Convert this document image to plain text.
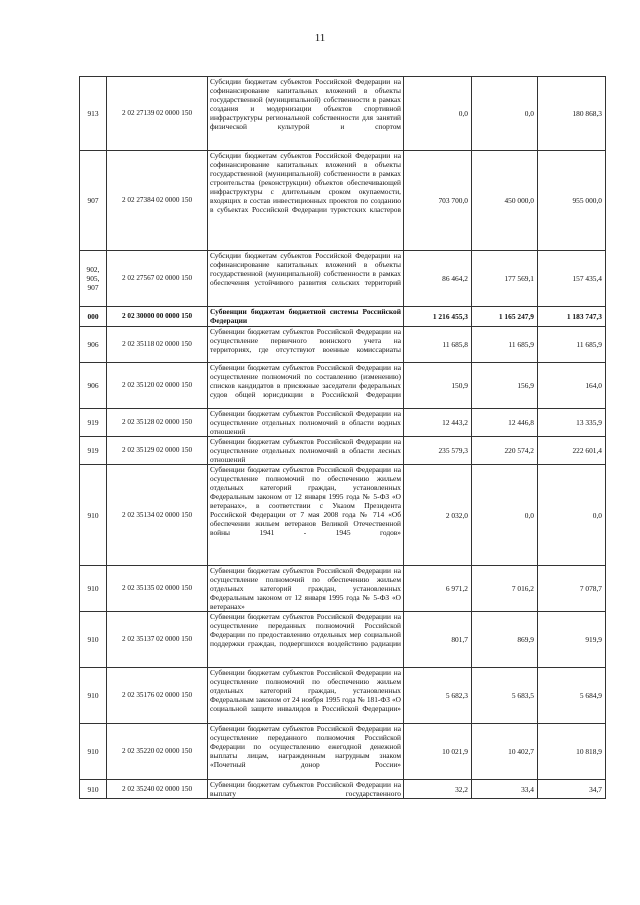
11
913	2 02 27139 02 0000 150	Субсидии бюджетам субъектов Российской Федерации на софинансирование капитальных вложений в объекты государственной (муниципальной) собственности в рамках создания и модернизации объектов спортивной инфраструктуры региональной собственности для занятий физической культурой и спортом	0,0	0,0	180 868,3
907	2 02 27384 02 0000 150	Субсидии бюджетам субъектов Российской Федерации на софинансирование капитальных вложений в объекты государственной (муниципальной) собственности в рамках строительства (реконструкции) объектов обеспечивающей инфраструктуры с длительным сроком окупаемости, входящих в состав инвестиционных проектов по созданию в субъектах Российской Федерации туристских кластеров	703 700,0	450 000,0	955 000,0
902, 905, 907	2 02 27567 02 0000 150	Субсидии бюджетам субъектов Российской Федерации на софинансирование капитальных вложений в объекты государственной (муниципальной) собственности в рамках обеспечения устойчивого развития сельских территорий	86 464,2	177 569,1	157 435,4
000	2 02 30000 00 0000 150	Субвенции бюджетам бюджетной системы Российской Федерации	1 216 455,3	1 165 247,9	1 183 747,3
906	2 02 35118 02 0000 150	Субвенции бюджетам субъектов Российской Федерации на осуществление первичного воинского учета на территориях, где отсутствуют военные комиссариаты	11 685,8	11 685,9	11 685,9
906	2 02 35120 02 0000 150	Субвенции бюджетам субъектов Российской Федерации на осуществление полномочий по составлению (изменению) списков кандидатов в присяжные заседатели федеральных судов общей юрисдикции в Российской Федерации	150,9	156,9	164,0
919	2 02 35128 02 0000 150	Субвенции бюджетам субъектов Российской Федерации на осуществление отдельных полномочий в области водных отношений	12 443,2	12 446,8	13 335,9
919	2 02 35129 02 0000 150	Субвенции бюджетам субъектов Российской Федерации на осуществление отдельных полномочий в области лесных отношений	235 579,3	220 574,2	222 601,4
910	2 02 35134 02 0000 150	Субвенции бюджетам субъектов Российской Федерации на осуществление полномочий по обеспечению жильем отдельных категорий граждан, установленных Федеральным законом от 12 января 1995 года № 5-ФЗ «О ветеранах», в соответствии с Указом Президента Российской Федерации от 7 мая 2008 года № 714 «Об обеспечении жильем ветеранов Великой Отечественной войны 1941 - 1945 годов»	2 032,0	0,0	0,0
910	2 02 35135 02 0000 150	Субвенции бюджетам субъектов Российской Федерации на осуществление полномочий по обеспечению жильем отдельных категорий граждан, установленных Федеральным законом от 12 января 1995 года № 5-ФЗ «О ветеранах»	6 971,2	7 016,2	7 078,7
910	2 02 35137 02 0000 150	Субвенции бюджетам субъектов Российской Федерации на осуществление переданных полномочий Российской Федерации по предоставлению отдельных мер социальной поддержки граждан, подвергшихся воздействию радиации	801,7	869,9	919,9
910	2 02 35176 02 0000 150	Субвенции бюджетам субъектов Российской Федерации на осуществление полномочий по обеспечению жильем отдельных категорий граждан, установленных Федеральным законом от 24 ноября 1995 года № 181-ФЗ «О социальной защите инвалидов в Российской Федерации»	5 682,3	5 683,5	5 684,9
910	2 02 35220 02 0000 150	Субвенции бюджетам субъектов Российской Федерации на осуществление переданного полномочия Российской Федерации по осуществлению ежегодной денежной выплаты лицам, награжденным нагрудным знаком «Почетный донор России»	10 021,9	10 402,7	10 818,9
910	2 02 35240 02 0000 150	Субвенции бюджетам субъектов Российской Федерации на выплату государственного	32,2	33,4	34,7
